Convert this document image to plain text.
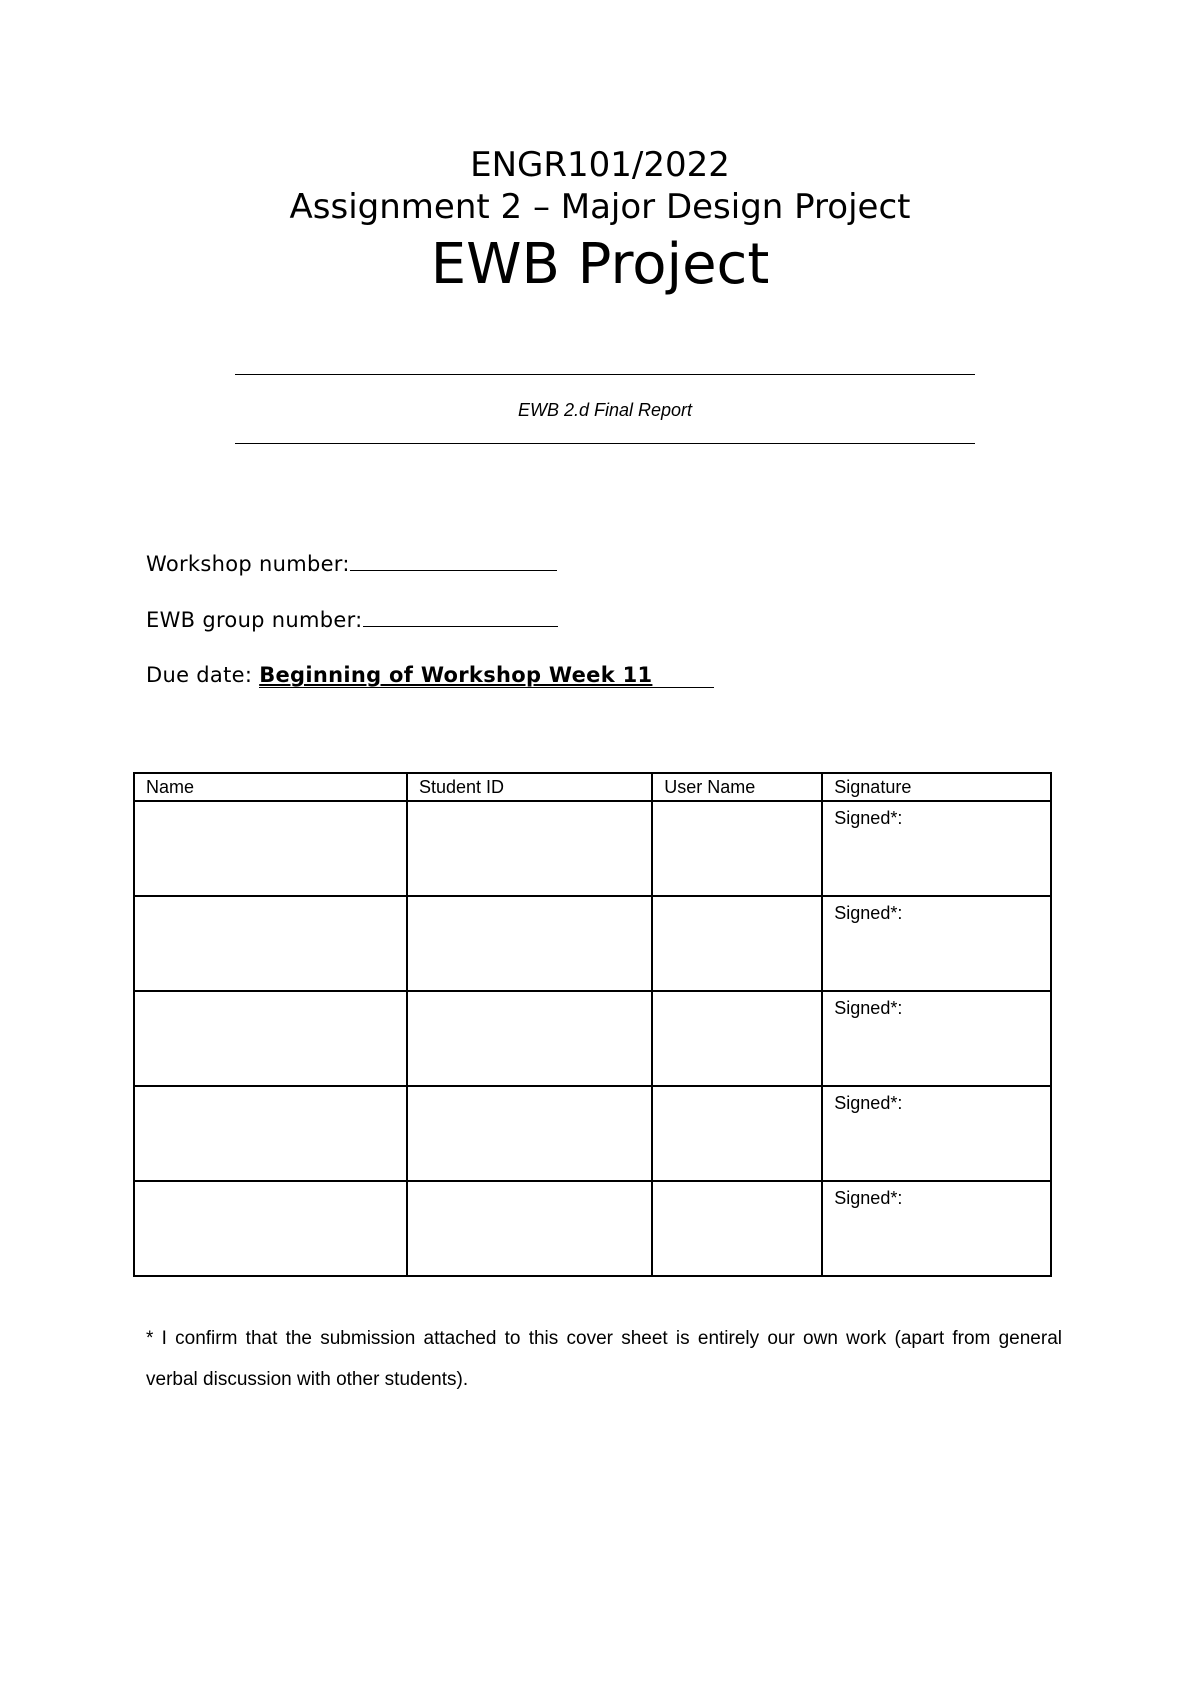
ENGR101/2022
Assignment 2 – Major Design Project
EWB Project
EWB 2.d Final Report
Workshop number:
EWB group number:
Due date: Beginning of Workshop Week 11
Name	Student ID	User Name	Signature
			Signed*:
			Signed*:
			Signed*:
			Signed*:
			Signed*:
* I confirm that the submission attached to this cover sheet is entirely our own work (apart from general verbal discussion with other students).
